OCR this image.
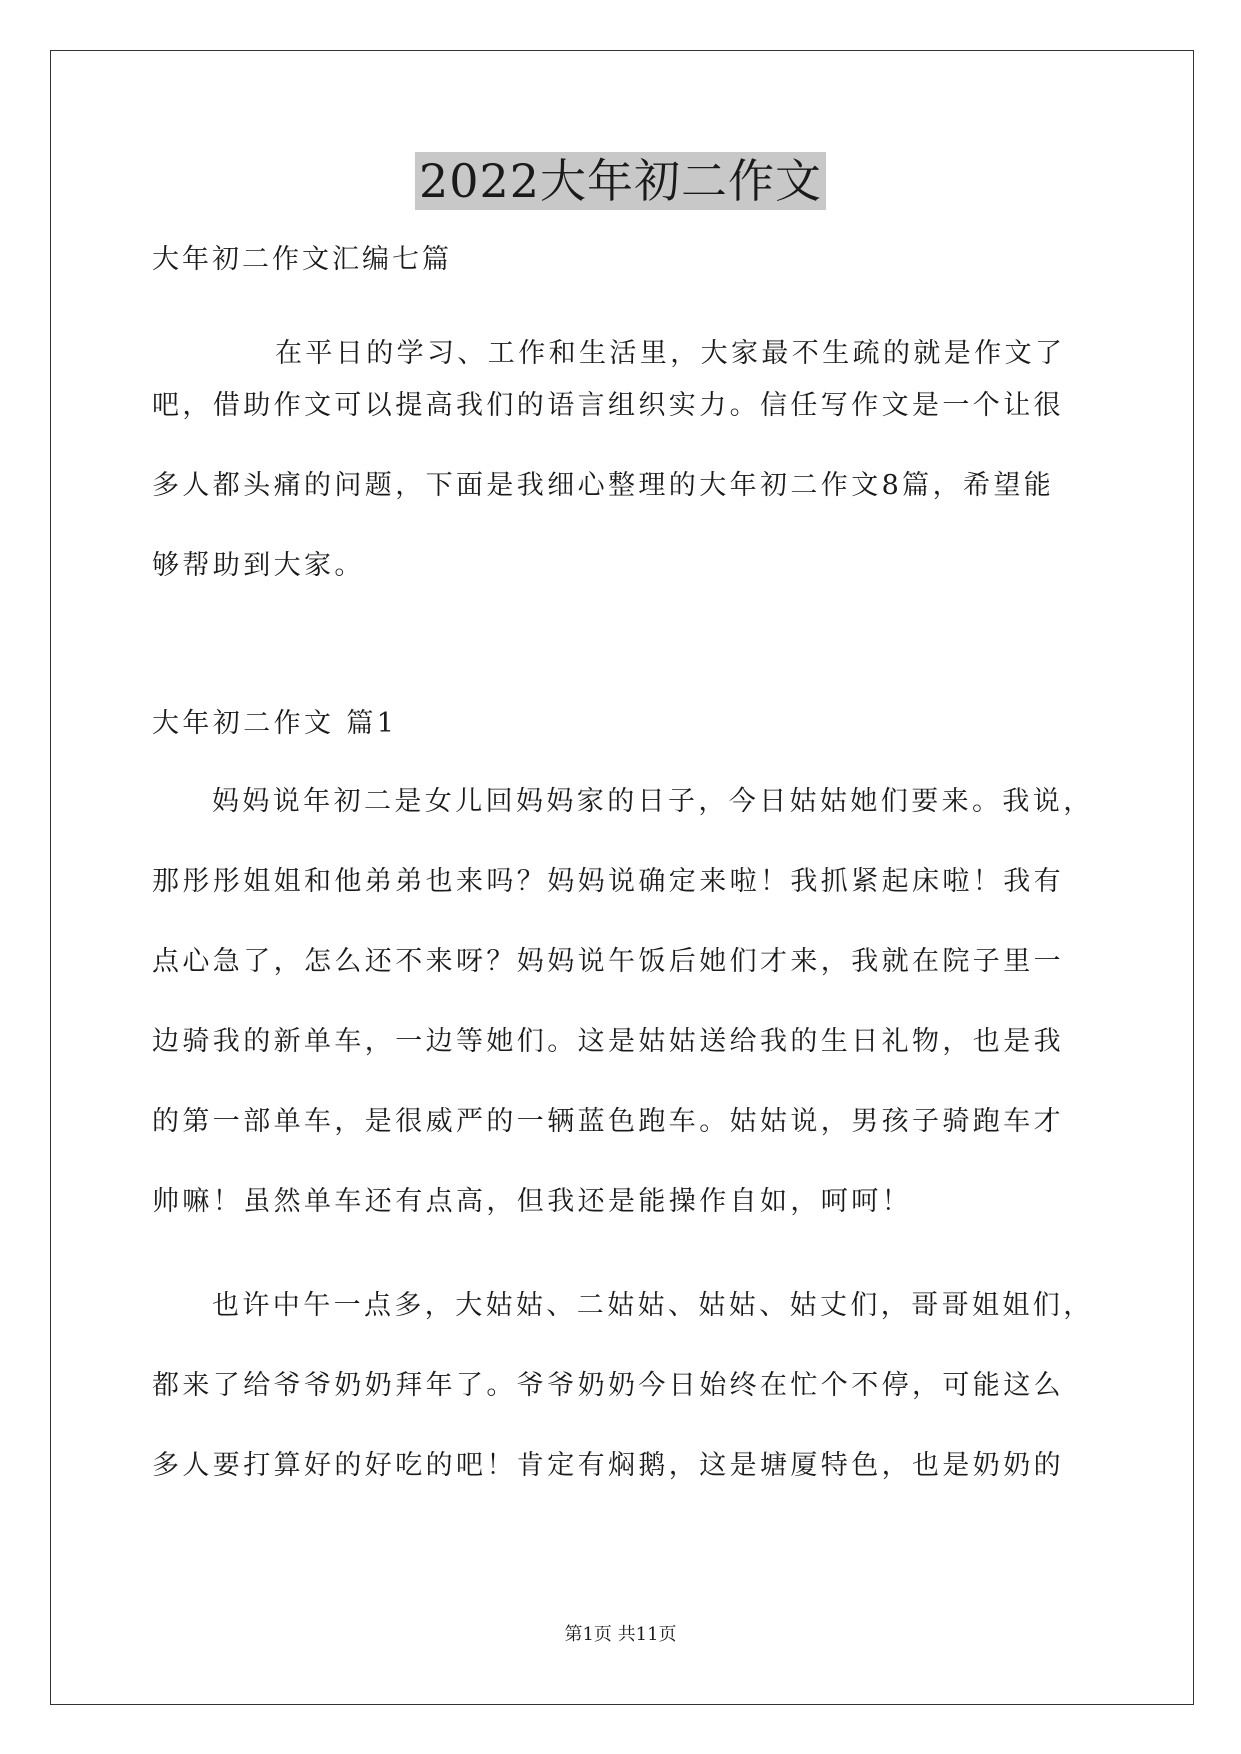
2022大年初二作文
大年初二作文汇编七篇
在平日的学习、工作和生活里，大家最不生疏的就是作文了
吧，借助作文可以提高我们的语言组织实力。信任写作文是一个让很
多人都头痛的问题，下面是我细心整理的大年初二作文8篇，希望能
够帮助到大家。
大年初二作文 篇1
妈妈说年初二是女儿回妈妈家的日子，今日姑姑她们要来。我说，
那彤彤姐姐和他弟弟也来吗？妈妈说确定来啦！我抓紧起床啦！我有
点心急了，怎么还不来呀？妈妈说午饭后她们才来，我就在院子里一
边骑我的新单车，一边等她们。这是姑姑送给我的生日礼物，也是我
的第一部单车，是很威严的一辆蓝色跑车。姑姑说，男孩子骑跑车才
帅嘛！虽然单车还有点高，但我还是能操作自如，呵呵！
也许中午一点多，大姑姑、二姑姑、姑姑、姑丈们，哥哥姐姐们，
都来了给爷爷奶奶拜年了。爷爷奶奶今日始终在忙个不停，可能这么
多人要打算好的好吃的吧！肯定有焖鹅，这是塘厦特色，也是奶奶的
第1页 共11页
